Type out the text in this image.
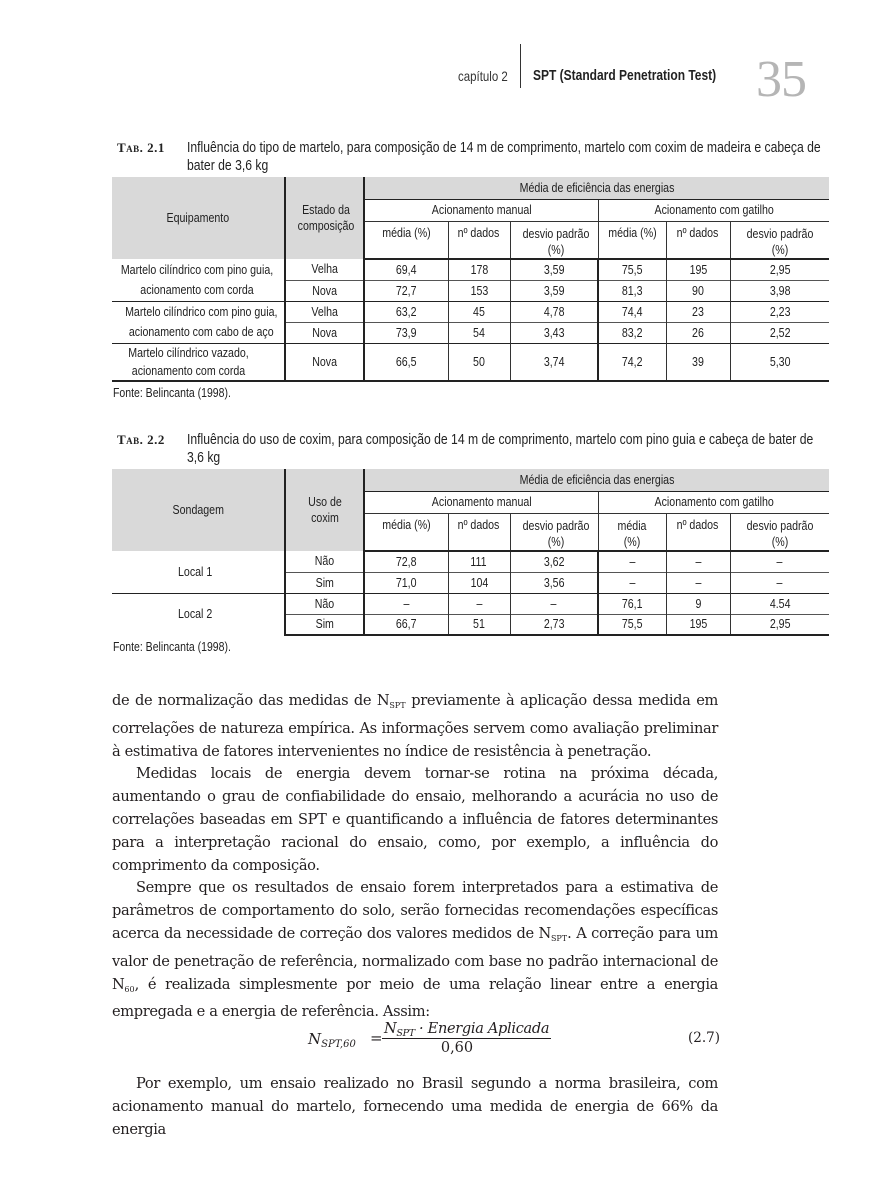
capítulo 2 SPT (Standard Penetration Test) 35
Tab. 2.1 Influência do tipo de martelo, para composição de 14 m de comprimento, martelo com coxim de madeira e cabeça de bater de 3,6 kg
Equipamento	Estado da composição	Média de eficiência das energias					
		Acionamento manual			Acionamento com gatilho		
		média (%)	nº dados	desvio padrão (%)	média (%)	nº dados	desvio padrão (%)
Martelo cilíndrico com pino guia, acionamento com corda	Velha	69,4	178	3,59	75,5	195	2,95
	Nova	72,7	153	3,59	81,3	90	3,98
Martelo cilíndrico com pino guia, acionamento com cabo de aço	Velha	63,2	45	4,78	74,4	23	2,23
	Nova	73,9	54	3,43	83,2	26	2,52
Martelo cilíndrico vazado, acionamento com corda	Nova	66,5	50	3,74	74,2	39	5,30
Fonte: Belincanta (1998).
Tab. 2.2 Influência do uso de coxim, para composição de 14 m de comprimento, martelo com pino guia e cabeça de bater de 3,6 kg
Sondagem	Uso de coxim	Média de eficiência das energias					
		Acionamento manual			Acionamento com gatilho		
		média (%)	nº dados	desvio padrão (%)	média (%)	nº dados	desvio padrão (%)
Local 1	Não	72,8	111	3,62	–	–	–
	Sim	71,0	104	3,56	–	–	–
Local 2	Não	–	–	–	76,1	9	4.54
	Sim	66,7	51	2,73	75,5	195	2,95
Fonte: Belincanta (1998).

de de normalização das medidas de $N_{SPT}$ previamente à aplicação dessa medida em correlações de natureza empírica. As informações servem como avaliação preliminar à estimativa de fatores intervenientes no índice de resistência à penetração.

Medidas locais de energia devem tornar-se rotina na próxima década, aumentando o grau de confiabilidade do ensaio, melhorando a acurácia no uso de correlações baseadas em SPT e quantificando a influência de fatores determinantes para a interpretação racional do ensaio, como, por exemplo, a influência do comprimento da composição.

Sempre que os resultados de ensaio forem interpretados para a estimativa de parâmetros de comportamento do solo, serão fornecidas recomendações específicas acerca da necessidade de correção dos valores medidos de $N_{SPT}$. A correção para um valor de penetração de referência, normalizado com base no padrão internacional de $N_{60}$, é realizada simplesmente por meio de uma relação linear entre a energia empregada e a energia de referência. Assim:

$N_{SPT,60} = N_{SPT}$ · Energia Aplicada
0,60
(2.7)

Por exemplo, um ensaio realizado no Brasil segundo a norma brasileira, com acionamento manual do martelo, fornecendo uma medida de energia de 66% da energia
